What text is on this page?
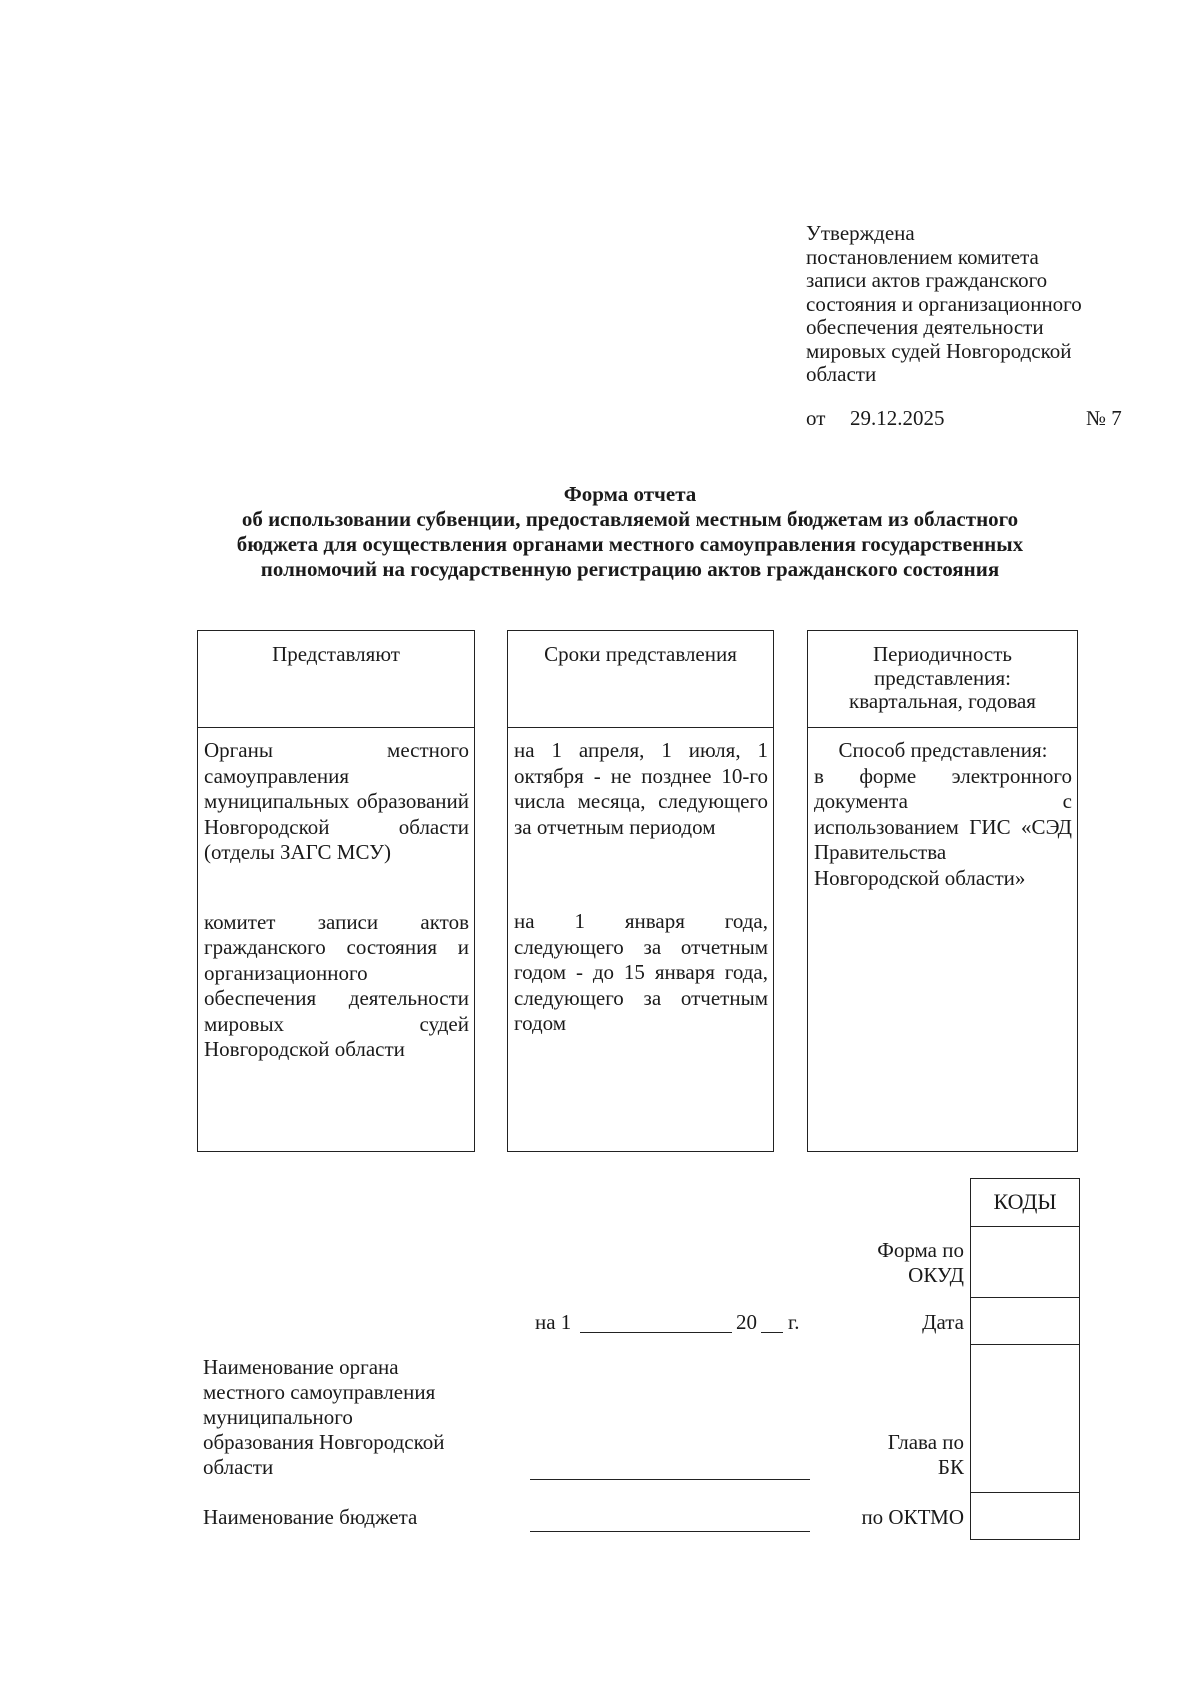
Утверждена
постановлением комитета
записи актов гражданского
состояния и организационного
обеспечения деятельности
мировых судей Новгородской
области
от 29.12.2025	№ 7
Форма отчета
об использовании субвенции, предоставляемой местным бюджетам из областного
бюджета для осуществления органами местного самоуправления государственных
полномочий на государственную регистрацию актов гражданского состояния
Представляют
Органы местного самоуправления муниципальных образований Новгородской области (отделы ЗАГС МСУ)
комитет записи актов гражданского состояния и организационного обеспечения деятельности мировых судей Новгородской области
Сроки представления
на 1 апреля, 1 июля, 1 октября - не позднее 10-го числа месяца, следующего за отчетным периодом
на 1 января года, следующего за отчетным годом - до 15 января года, следующего за отчетным годом
Периодичность
представления:
квартальная, годовая
Способ представления:
в форме электронного документа с использованием ГИС «СЭД Правительства Новгородской области»
КОДЫ
Форма по
ОКУД
Дата
Глава по
БК
по ОКТМО
на 1	20 г.
Наименование органа
местного самоуправления
муниципального
образования Новгородской
области
Наименование бюджета
